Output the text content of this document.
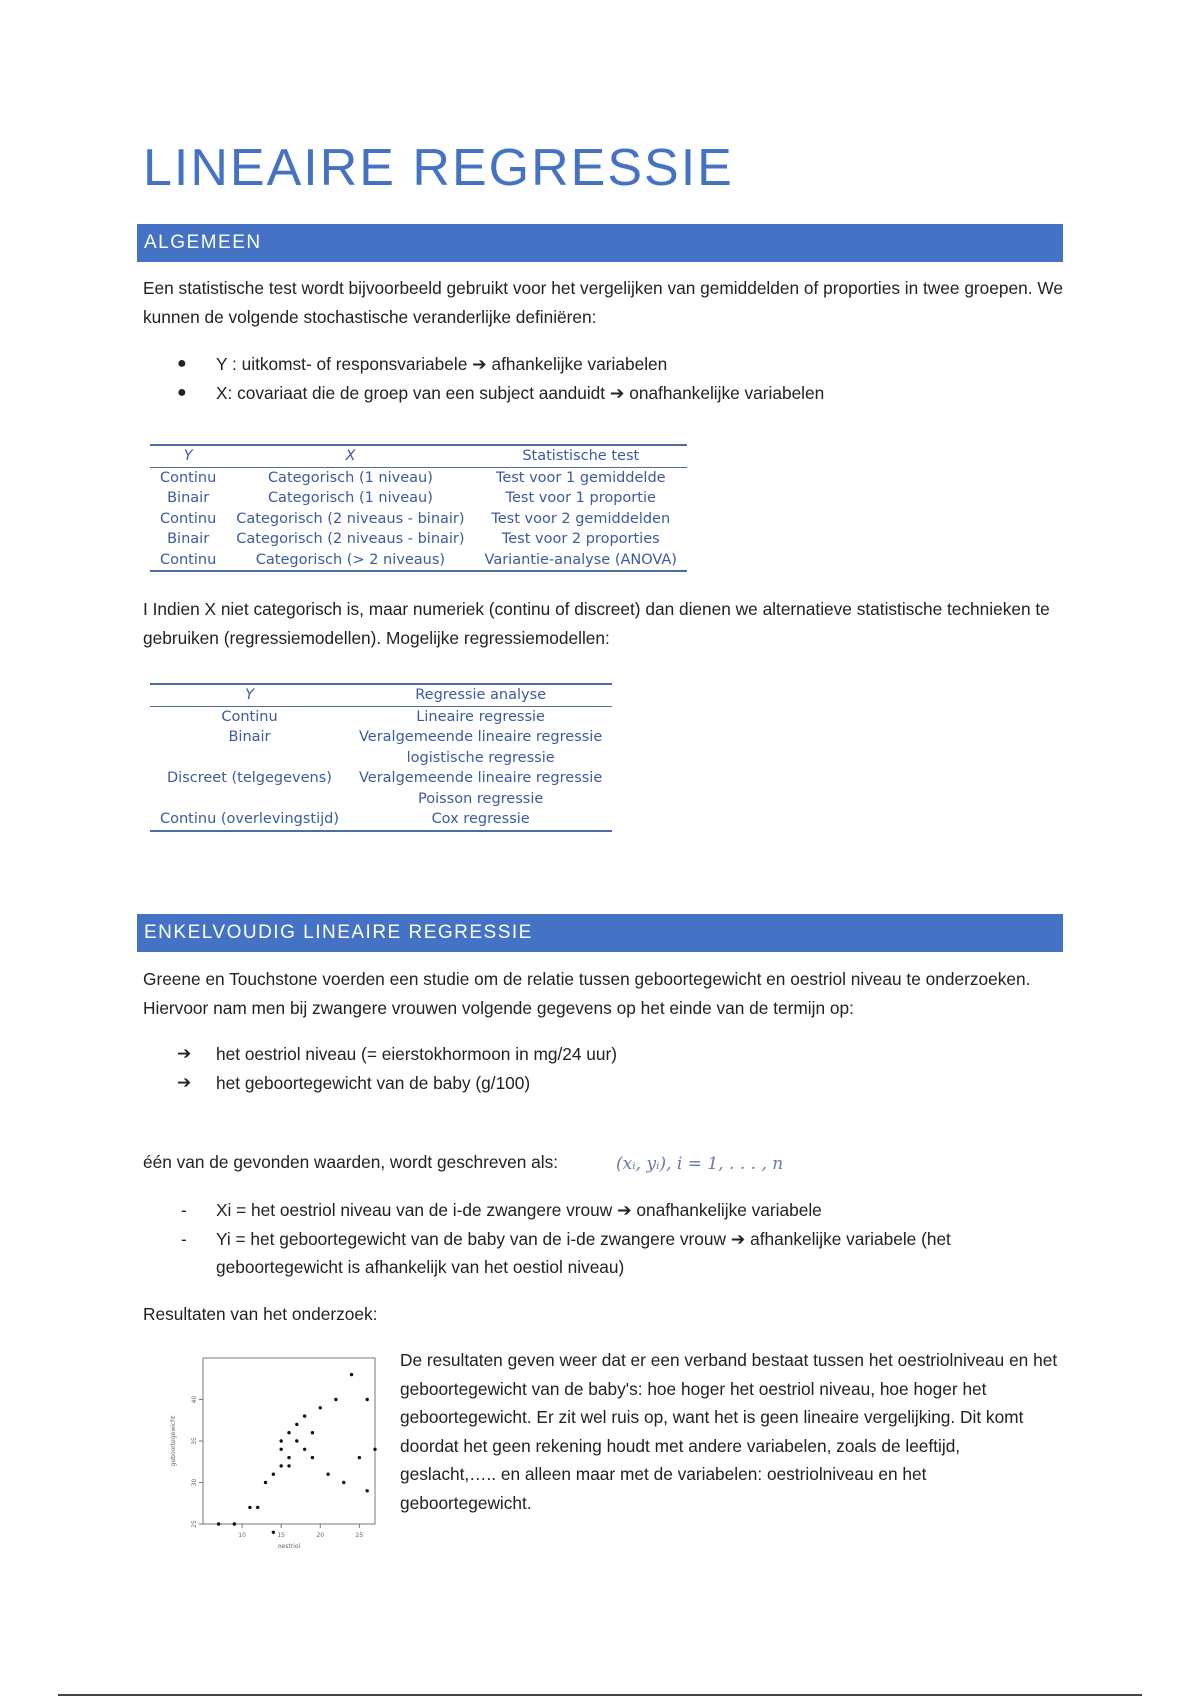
LINEAIRE REGRESSIE
ALGEMEEN

Een statistische test wordt bijvoorbeeld gebruikt voor het vergelijken van gemiddelden of proporties in twee groepen. We kunnen de volgende stochastische veranderlijke definiëren:

● Y : uitkomst- of responsvariabele ➔ afhankelijke variabelen
● X: covariaat die de groep van een subject aanduidt ➔ onafhankelijke variabelen
Y	X	Statistische test
Continu	Categorisch (1 niveau)	Test voor 1 gemiddelde
Binair	Categorisch (1 niveau)	Test voor 1 proportie
Continu	Categorisch (2 niveaus - binair)	Test voor 2 gemiddelden
Binair	Categorisch (2 niveaus - binair)	Test voor 2 proporties
Continu	Categorisch (> 2 niveaus)	Variantie-analyse (ANOVA)

I Indien X niet categorisch is, maar numeriek (continu of discreet) dan dienen we alternatieve statistische technieken te gebruiken (regressiemodellen). Mogelijke regressiemodellen:

Y	Regressie analyse
Continu	Lineaire regressie
Binair	Veralgemeende lineaire regressie
	logistische regressie
Discreet (telgegevens)	Veralgemeende lineaire regressie
	Poisson regressie
Continu (overlevingstijd)	Cox regressie
ENKELVOUDIG LINEAIRE REGRESSIE

Greene en Touchstone voerden een studie om de relatie tussen geboortegewicht en oestriol niveau te onderzoeken. Hiervoor nam men bij zwangere vrouwen volgende gegevens op het einde van de termijn op:

➔ het oestriol niveau (= eierstokhormoon in mg/24 uur)
➔ het geboortegewicht van de baby (g/100)
één van de gevonden waarden, wordt geschreven als:	(xᵢ, yᵢ), i = 1, . . . , n
- Xi = het oestriol niveau van de i-de zwangere vrouw ➔ onafhankelijke variabele
- Yi = het geboortegewicht van de baby van de i-de zwangere vrouw ➔ afhankelijke variabele (het geboortegewicht is afhankelijk van het oestiol niveau)
Resultaten van het onderzoek:
10	15	20	25
25
30
35
40
oestriol
geboortegewicht

De resultaten geven weer dat er een verband bestaat tussen het oestriolniveau en het geboortegewicht van de baby's: hoe hoger het oestriol niveau, hoe hoger het geboortegewicht. Er zit wel ruis op, want het is geen lineaire vergelijking. Dit komt doordat het geen rekening houdt met andere variabelen, zoals de leeftijd, geslacht,….. en alleen maar met de variabelen: oestriolniveau en het geboortegewicht.
